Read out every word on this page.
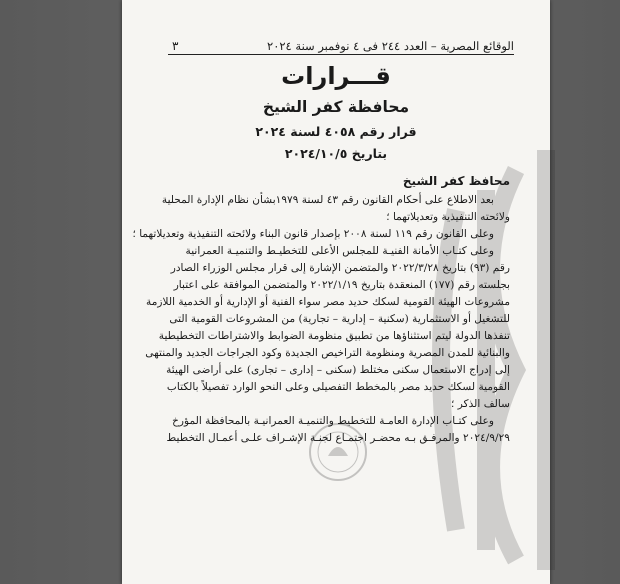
الوقائع المصرية – العدد ٢٤٤ فى ٤ نوفمبر سنة ٢٠٢٤
٣
قـــرارات
محافظة كفر الشيخ
قرار رقم ٤٠٥٨ لسنة ٢٠٢٤
بتاريخ ٢٠٢٤/١٠/٥
محافظ كفر الشيخ
بعد الاطلاع على أحكام القانون رقم ٤٣ لسنة ١٩٧٩بشأن نظام الإدارة المحلية
ولائحته التنفيذية وتعديلاتهما ؛
وعلى القانون رقم ١١٩ لسنة ٢٠٠٨ بإصدار قانون البناء ولائحته التنفيذية وتعديلاتهما ؛
وعلى كتـاب الأمانة الفنيـة للمجلس الأعلى للتخطيـط والتنميـة العمرانية
رقم (٩٣) بتاريخ ٢٠٢٢/٣/٢٨ والمتضمن الإشارة إلى قرار مجلس الوزراء الصادر
بجلسته رقم (١٧٧) المنعقدة بتاريخ ٢٠٢٢/١/١٩ والمتضمن الموافقة على اعتبار
مشروعات الهيئة القومية لسكك حديد مصر سواء الفنية أو الإدارية أو الخدمية اللازمة
للتشغيل أو الاستثمارية (سكنية – إدارية – تجارية) من المشروعات القومية التى
تنفذها الدولة ليتم استثناؤها من تطبيق منظومة الضوابط والاشتراطات التخطيطية
والبنائية للمدن المصرية ومنظومة التراخيص الجديدة وكود الجراجات الجديد والمنتهى
إلى إدراج الاستعمال سكنى مختلط (سكنى – إدارى – تجارى) على أراضى الهيئة
القومية لسكك حديد مصر بالمخطط التفصيلى وعلى النحو الوارد تفصيلاً بالكتاب
سالف الذكر ؛
وعلى كتـاب الإدارة العامـة للتخطيط والتنميـة العمرانيـة بالمحافظة المؤرخ
٢٠٢٤/٩/٢٩ والمرفـق بـه محضـر اجتمـاع لجنـة الإشـراف علـى أعمـال التخطيط
